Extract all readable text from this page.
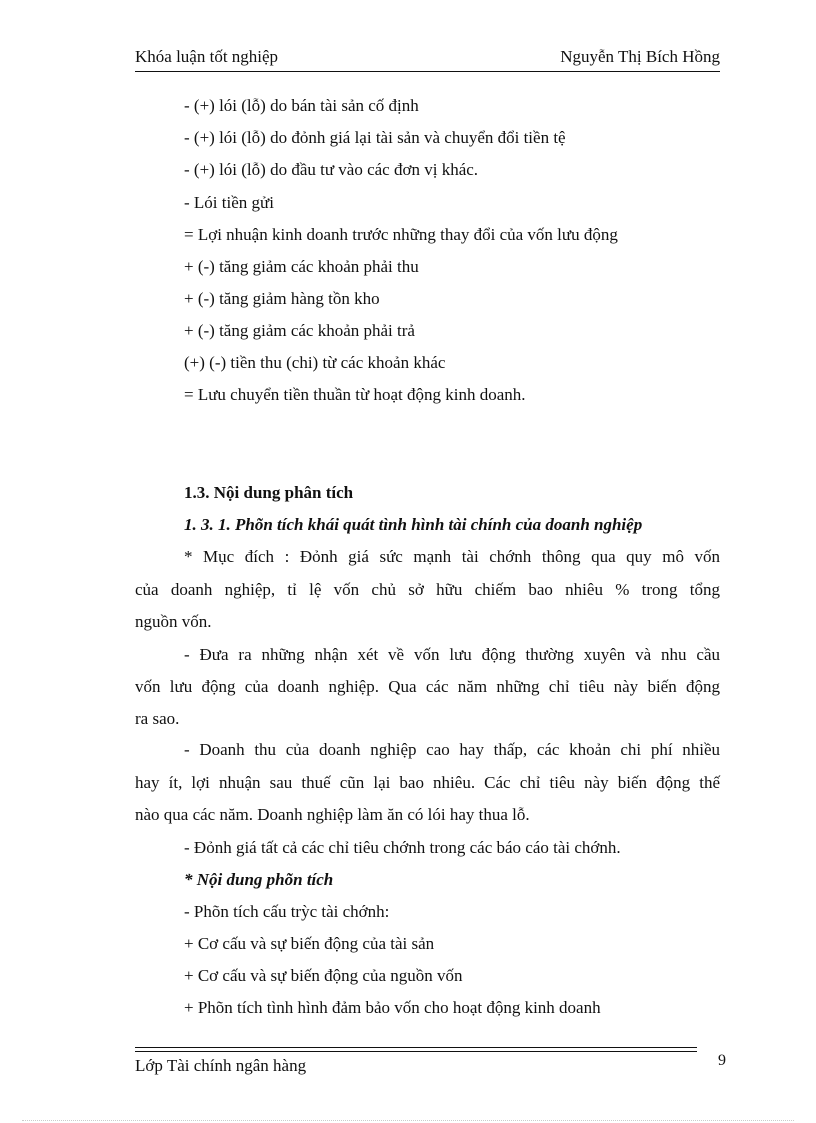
Khóa luận tốt nghiệp	Nguyễn Thị Bích Hồng
- (+) lói (lỗ) do bán tài sản cố định
- (+) lói (lỗ) do đỏnh giá lại tài sản và chuyển đổi tiền tệ
- (+) lói (lỗ) do đầu tư vào các đơn vị khác.
- Lói tiền gửi
= Lợi nhuận kinh doanh trước những thay đổi của vốn lưu động
+ (-) tăng giảm các khoản phải thu
+ (-) tăng giảm hàng tồn kho
+ (-) tăng giảm các khoản phải trả
(+) (-) tiền thu (chi) từ các khoản khác
= Lưu chuyển tiền thuần từ hoạt động kinh doanh.
1.3. Nội dung phân tích
1. 3. 1. Phõn tích khái quát tình hình tài chính của doanh nghiệp
* Mục đích : Đỏnh giá sức mạnh tài chớnh thông qua quy mô vốn
của doanh nghiệp, tỉ lệ vốn chủ sở hữu chiếm bao nhiêu % trong tổng
nguồn vốn.
- Đưa ra những nhận xét về vốn lưu động thường xuyên và nhu cầu
vốn lưu động của doanh nghiệp. Qua các năm những chỉ tiêu này biến động
ra sao.
- Doanh thu của doanh nghiệp cao hay thấp, các khoản chi phí nhiều
hay ít, lợi nhuận sau thuế cũn lại bao nhiêu. Các chỉ tiêu này biến động thế
nào qua các năm. Doanh nghiệp làm ăn có lói hay thua lỗ.
- Đỏnh giá tất cả các chỉ tiêu chớnh trong các báo cáo tài chớnh.
* Nội dung phõn tích
- Phõn tích cấu trỳc tài chớnh:
+ Cơ cấu và sự biến động của tài sản
+ Cơ cấu và sự biến động của nguồn vốn
+ Phõn tích tình hình đảm bảo vốn cho hoạt động kinh doanh
Lớp Tài chính ngân hàng	9
